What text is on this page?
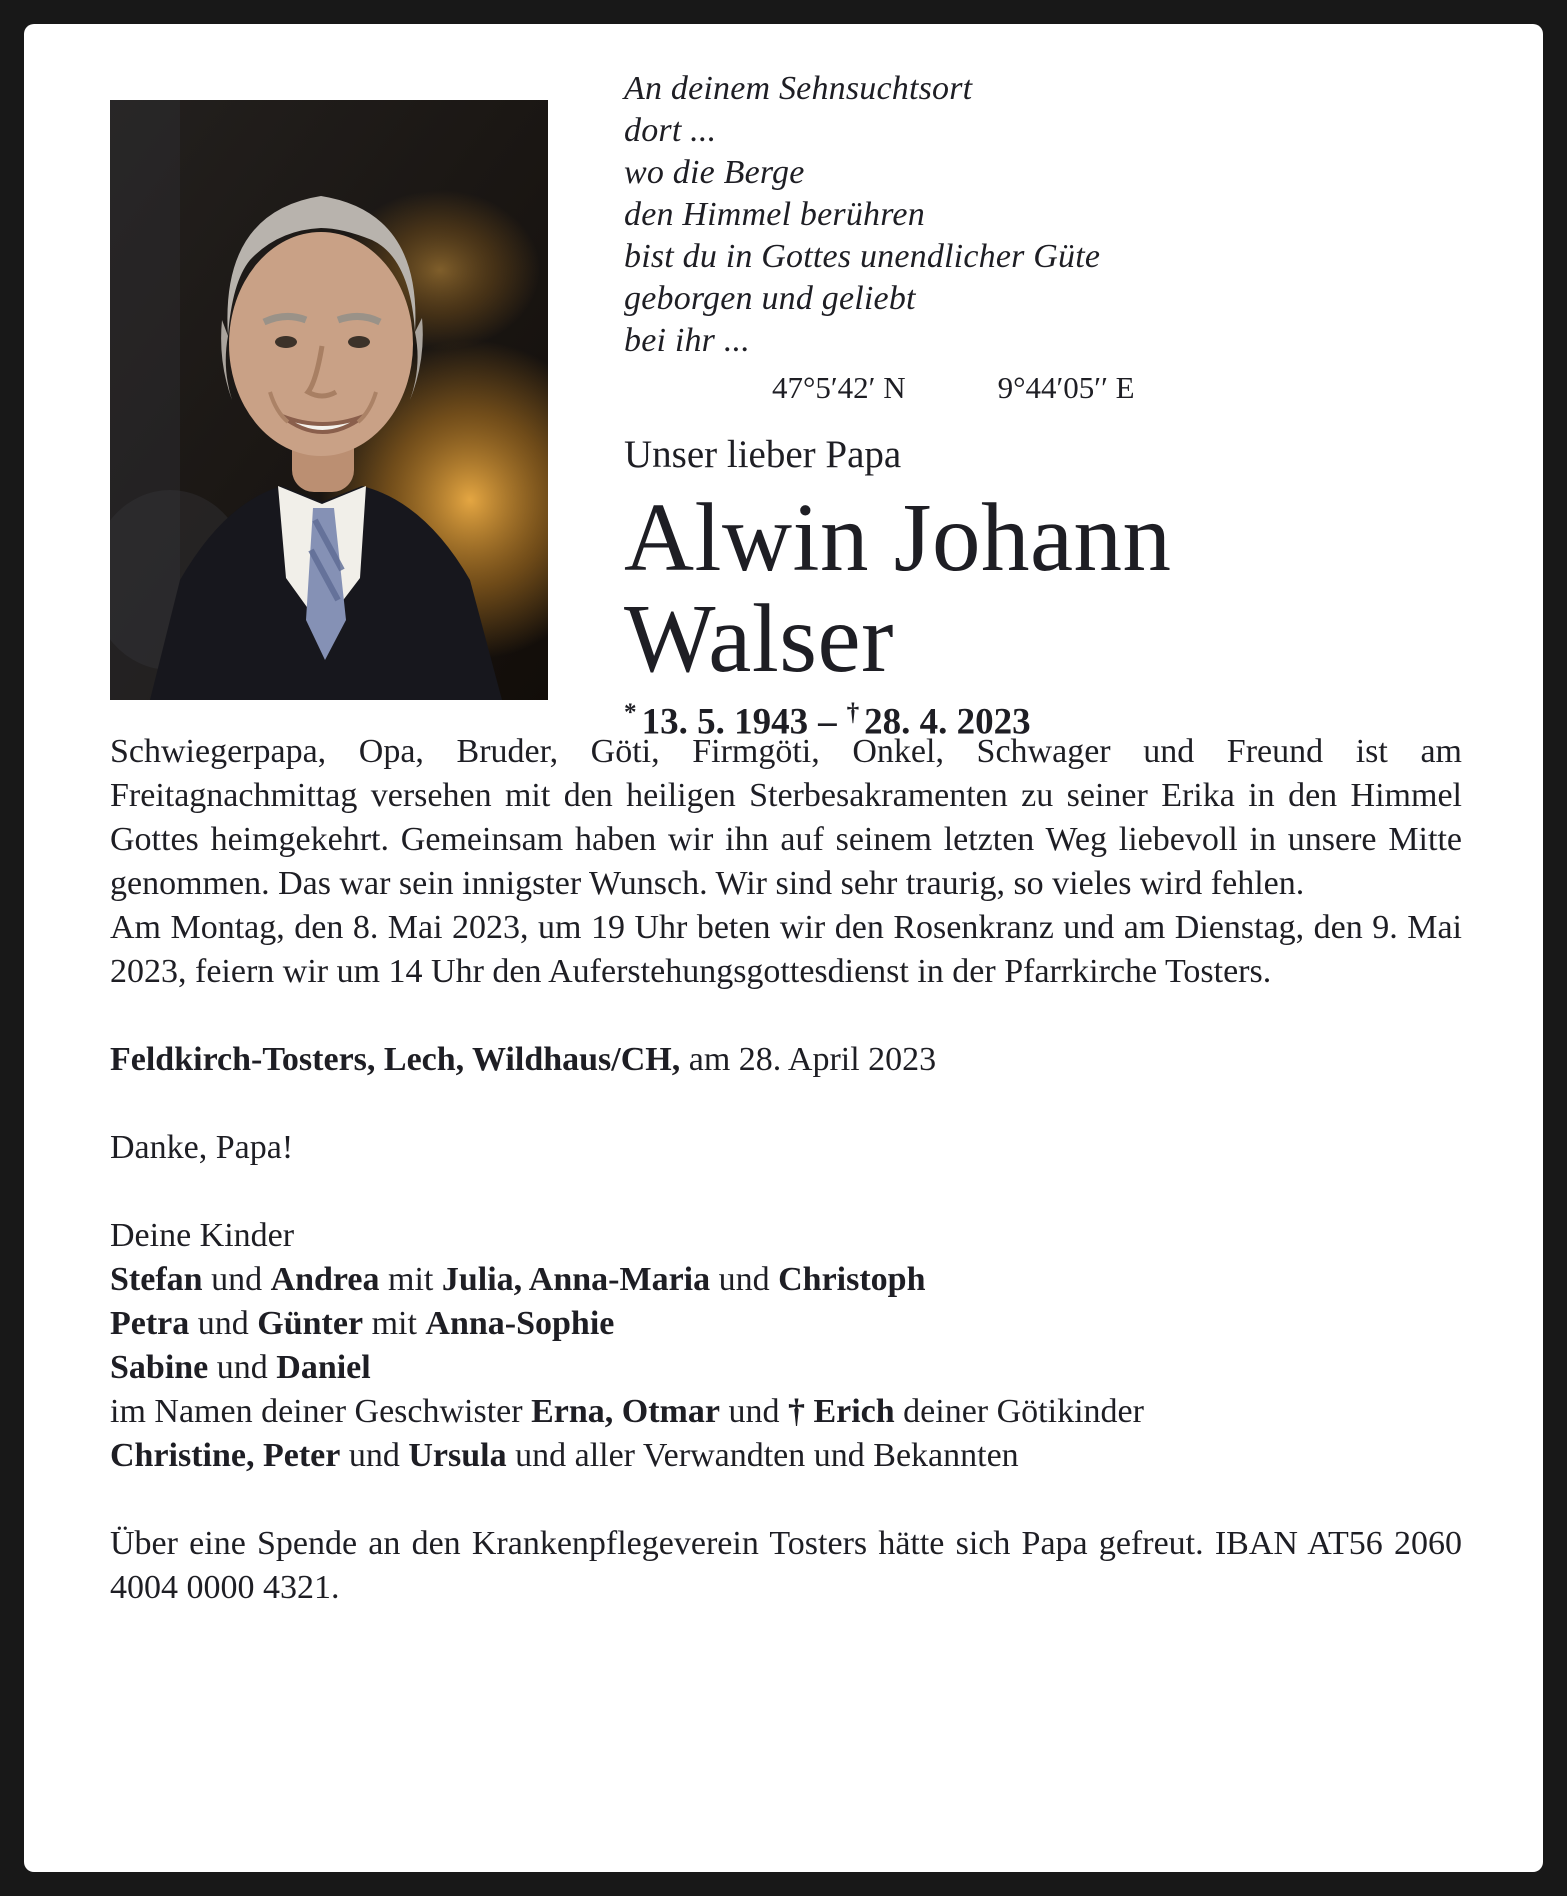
An deinem Sehnsuchtsort
dort ...
wo die Berge
den Himmel berühren
bist du in Gottes unendlicher Güte
geborgen und geliebt
bei ihr ...
47°5′42′ N	9°44′05′′ E
Unser lieber Papa
Alwin Johann
Walser
* 13. 5. 1943 – † 28. 4. 2023

Schwiegerpapa, Opa, Bruder, Göti, Firmgöti, Onkel, Schwager und Freund ist am Freitagnachmittag versehen mit den heiligen Sterbesakramenten zu seiner Erika in den Himmel Gottes heimgekehrt. Gemeinsam haben wir ihn auf seinem letzten Weg liebevoll in unsere Mitte genommen. Das war sein innigster Wunsch. Wir sind sehr traurig, so vieles wird fehlen.

Am Montag, den 8. Mai 2023, um 19 Uhr beten wir den Rosenkranz und am Dienstag, den 9. Mai 2023, feiern wir um 14 Uhr den Auferstehungsgottesdienst in der Pfarrkirche Tosters.

Feldkirch-Tosters, Lech, Wildhaus/CH, am 28. April 2023

Danke, Papa!

Deine Kinder

Stefan und Andrea mit Julia, Anna-Maria und Christoph

Petra und Günter mit Anna-Sophie

Sabine und Daniel

im Namen deiner Geschwister Erna, Otmar und † Erich deiner Götikinder

Christine, Peter und Ursula und aller Verwandten und Bekannten

Über eine Spende an den Krankenpflegeverein Tosters hätte sich Papa gefreut. IBAN AT56 2060 4004 0000 4321.
